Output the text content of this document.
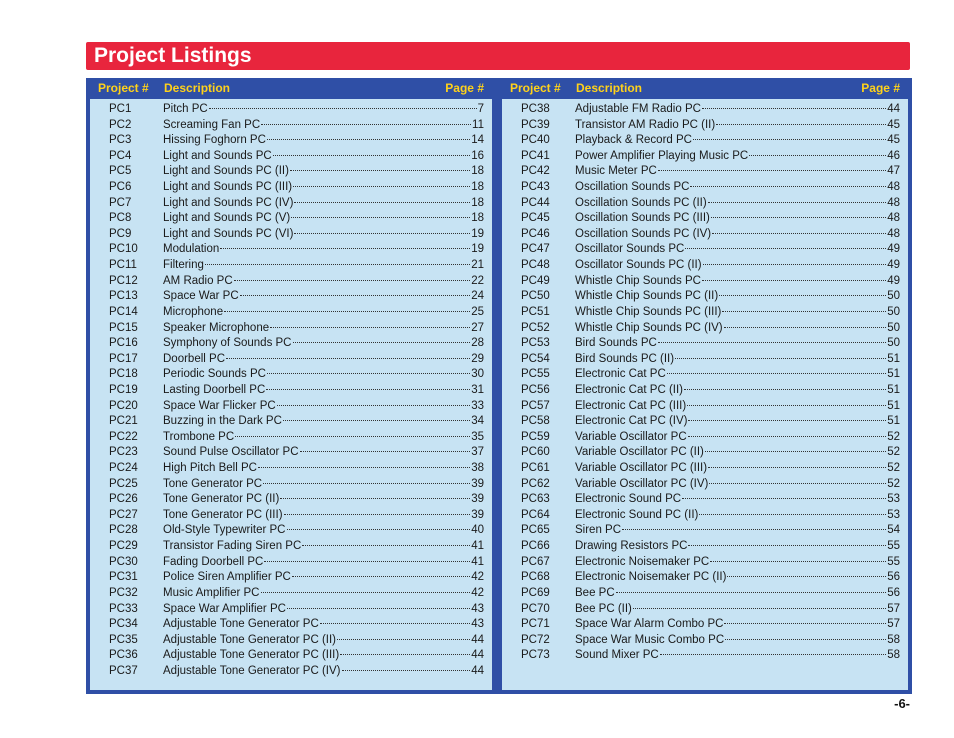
Project Listings
Project # Description	Page #
PC1	Pitch PC	7
PC2	Screaming Fan PC	11
PC3	Hissing Foghorn PC	14
PC4	Light and Sounds PC	16
PC5	Light and Sounds PC (II)	18
PC6	Light and Sounds PC (III)	18
PC7	Light and Sounds PC (IV)	18
PC8	Light and Sounds PC (V)	18
PC9	Light and Sounds PC (VI)	19
PC10 Modulation	19
PC11 Filtering	21
PC12 AM Radio PC	22
PC13 Space War PC	24
PC14 Microphone	25
PC15 Speaker Microphone	27
PC16 Symphony of Sounds PC	28
PC17 Doorbell PC	29
PC18 Periodic Sounds PC	30
PC19 Lasting Doorbell PC	31
PC20 Space War Flicker PC	33
PC21 Buzzing in the Dark PC	34
PC22 Trombone PC	35
PC23 Sound Pulse Oscillator PC	37
PC24 High Pitch Bell PC	38
PC25 Tone Generator PC	39
PC26 Tone Generator PC (II)	39
PC27 Tone Generator PC (III)	39
PC28 Old-Style Typewriter PC	40
PC29 Transistor Fading Siren PC	41
PC30 Fading Doorbell PC	41
PC31 Police Siren Amplifier PC	42
PC32 Music Amplifier PC	42
PC33 Space War Amplifier PC	43
PC34 Adjustable Tone Generator PC	43
PC35 Adjustable Tone Generator PC (II)	44
PC36 Adjustable Tone Generator PC (III)	44
PC37 Adjustable Tone Generator PC (IV)	44
Project # Description	Page #
PC38 Adjustable FM Radio PC	44
PC39 Transistor AM Radio PC (II)	45
PC40 Playback & Record PC	45
PC41 Power Amplifier Playing Music PC	46
PC42 Music Meter PC	47
PC43 Oscillation Sounds PC	48
PC44 Oscillation Sounds PC (II)	48
PC45 Oscillation Sounds PC (III)	48
PC46 Oscillation Sounds PC (IV)	48
PC47 Oscillator Sounds PC	49
PC48 Oscillator Sounds PC (II)	49
PC49 Whistle Chip Sounds PC	49
PC50 Whistle Chip Sounds PC (II)	50
PC51 Whistle Chip Sounds PC (III)	50
PC52 Whistle Chip Sounds PC (IV)	50
PC53 Bird Sounds PC	50
PC54 Bird Sounds PC (II)	51
PC55 Electronic Cat PC	51
PC56 Electronic Cat PC (II)	51
PC57 Electronic Cat PC (III)	51
PC58 Electronic Cat PC (IV)	51
PC59 Variable Oscillator PC	52
PC60 Variable Oscillator PC (II)	52
PC61 Variable Oscillator PC (III)	52
PC62 Variable Oscillator PC (IV)	52
PC63 Electronic Sound PC	53
PC64 Electronic Sound PC (II)	53
PC65 Siren PC	54
PC66 Drawing Resistors PC	55
PC67 Electronic Noisemaker PC	55
PC68 Electronic Noisemaker PC (II)	56
PC69 Bee PC	56
PC70 Bee PC (II)	57
PC71 Space War Alarm Combo PC	57
PC72 Space War Music Combo PC	58
PC73 Sound Mixer PC	58
-6-
